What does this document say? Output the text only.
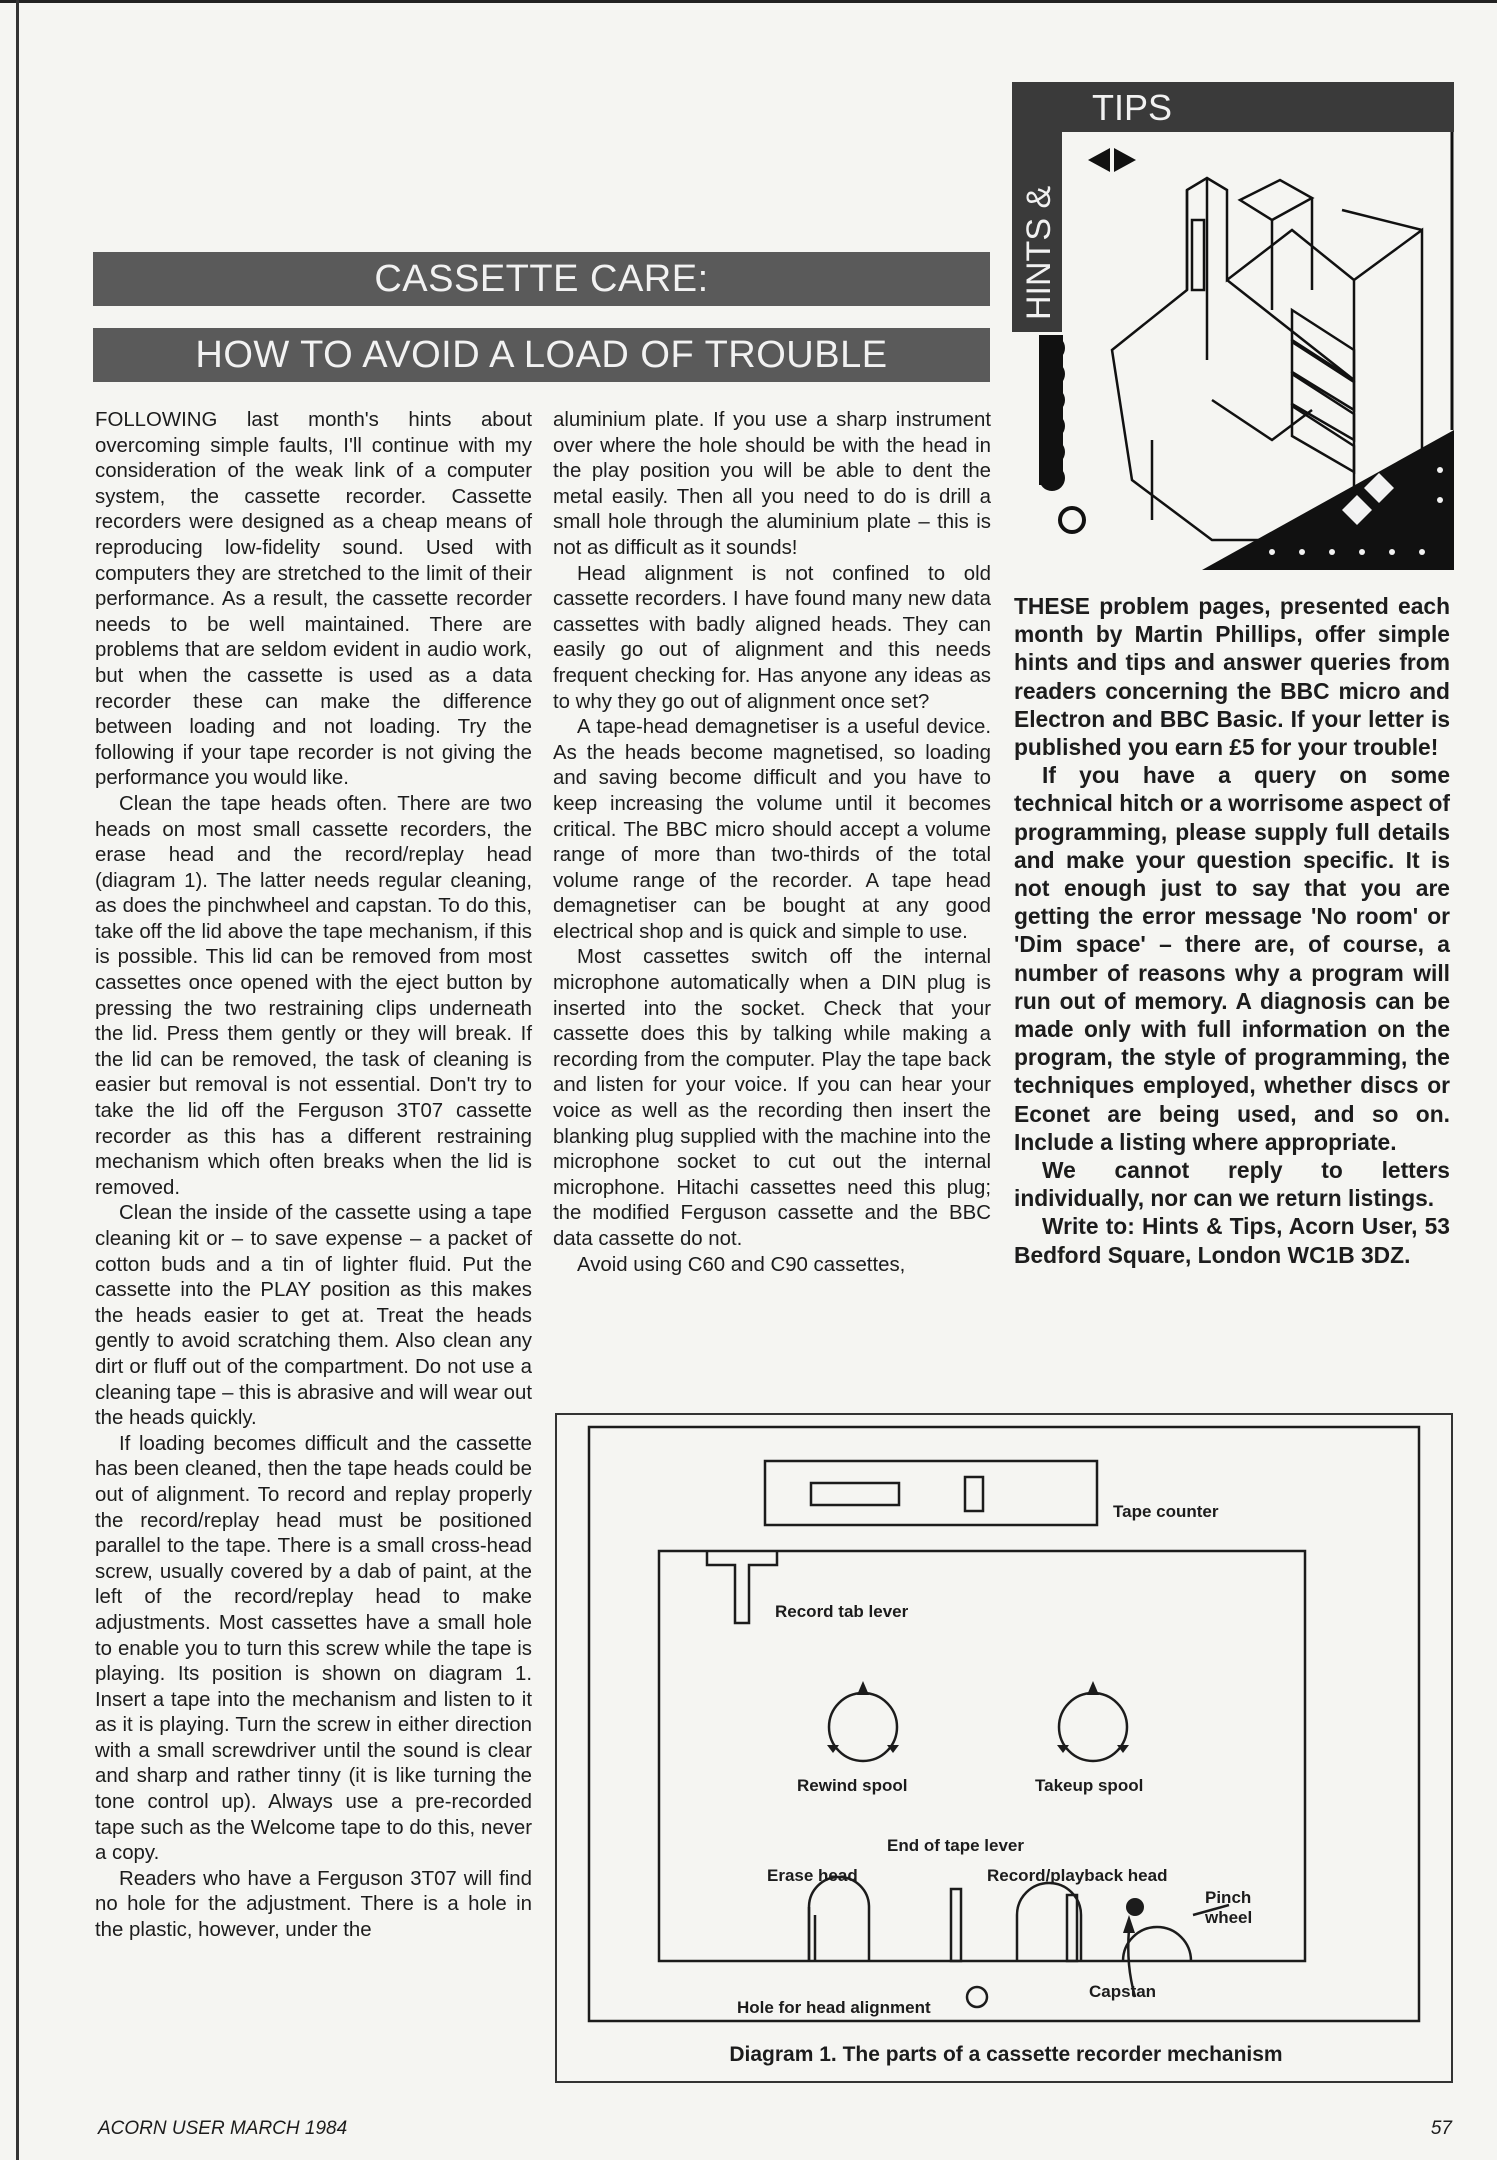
CASSETTE CARE:
HOW TO AVOID A LOAD OF TROUBLE
TIPS
HINTS &

FOLLOWING last month's hints about overcoming simple faults, I'll continue with my consideration of the weak link of a computer system, the cassette recorder. Cassette recorders were designed as a cheap means of reproducing low-fidelity sound. Used with computers they are stretched to the limit of their performance. As a result, the cassette recorder needs to be well maintained. There are problems that are seldom evident in audio work, but when the cassette is used as a data recorder these can make the difference between loading and not loading. Try the following if your tape recorder is not giving the performance you would like.

Clean the tape heads often. There are two heads on most small cassette recorders, the erase head and the record/replay head (diagram 1). The latter needs regular cleaning, as does the pinchwheel and capstan. To do this, take off the lid above the tape mechanism, if this is possible. This lid can be removed from most cassettes once opened with the eject button by pressing the two restraining clips underneath the lid. Press them gently or they will break. If the lid can be removed, the task of cleaning is easier but removal is not essential. Don't try to take the lid off the Ferguson 3T07 cassette recorder as this has a different restraining mechanism which often breaks when the lid is removed.

Clean the inside of the cassette using a tape cleaning kit or – to save expense – a packet of cotton buds and a tin of lighter fluid. Put the cassette into the PLAY position as this makes the heads easier to get at. Treat the heads gently to avoid scratching them. Also clean any dirt or fluff out of the compartment. Do not use a cleaning tape – this is abrasive and will wear out the heads quickly.

If loading becomes difficult and the cassette has been cleaned, then the tape heads could be out of alignment. To record and replay properly the record/replay head must be positioned parallel to the tape. There is a small cross-head screw, usually covered by a dab of paint, at the left of the record/replay head to make adjustments. Most cassettes have a small hole to enable you to turn this screw while the tape is playing. Its position is shown on diagram 1. Insert a tape into the mechanism and listen to it as it is playing. Turn the screw in either direction with a small screwdriver until the sound is clear and sharp and rather tinny (it is like turning the tone control up). Always use a pre-recorded tape such as the Welcome tape to do this, never a copy.

Readers who have a Ferguson 3T07 will find no hole for the adjustment. There is a hole in the plastic, however, under the

aluminium plate. If you use a sharp instrument over where the hole should be with the head in the play position you will be able to dent the metal easily. Then all you need to do is drill a small hole through the aluminium plate – this is not as difficult as it sounds!

Head alignment is not confined to old cassette recorders. I have found many new data cassettes with badly aligned heads. They can easily go out of alignment and this needs frequent checking for. Has anyone any ideas as to why they go out of alignment once set?

A tape-head demagnetiser is a useful device. As the heads become magnetised, so loading and saving become difficult and you have to keep increasing the volume until it becomes critical. The BBC micro should accept a volume range of more than two-thirds of the total volume range of the recorder. A tape head demagnetiser can be bought at any good electrical shop and is quick and simple to use.

Most cassettes switch off the internal microphone automatically when a DIN plug is inserted into the socket. Check that your cassette does this by talking while making a recording from the computer. Play the tape back and listen for your voice. If you can hear your voice as well as the recording then insert the blanking plug supplied with the machine into the microphone socket to cut out the internal microphone. Hitachi cassettes need this plug; the modified Ferguson cassette and the BBC data cassette do not.

Avoid using C60 and C90 cassettes,

THESE problem pages, presented each month by Martin Phillips, offer simple hints and tips and answer queries from readers concerning the BBC micro and Electron and BBC Basic. If your letter is published you earn £5 for your trouble!

If you have a query on some technical hitch or a worrisome aspect of programming, please supply full details and make your question specific. It is not enough just to say that you are getting the error message 'No room' or 'Dim space' – there are, of course, a number of reasons why a program will run out of memory. A diagnosis can be made only with full information on the program, the style of programming, the techniques employed, whether discs or Econet are being used, and so on. Include a listing where appropriate.

We cannot reply to letters individually, nor can we return listings.

Write to: Hints & Tips, Acorn User, 53 Bedford Square, London WC1B 3DZ.

Tape counter
Record tab lever
Rewind spool	Takeup spool
End of tape lever
Erase head	Record/playback head
Pinch
wheel
Capstan
Hole for head alignment
Diagram 1. The parts of a cassette recorder mechanism
ACORN USER MARCH 1984	57
